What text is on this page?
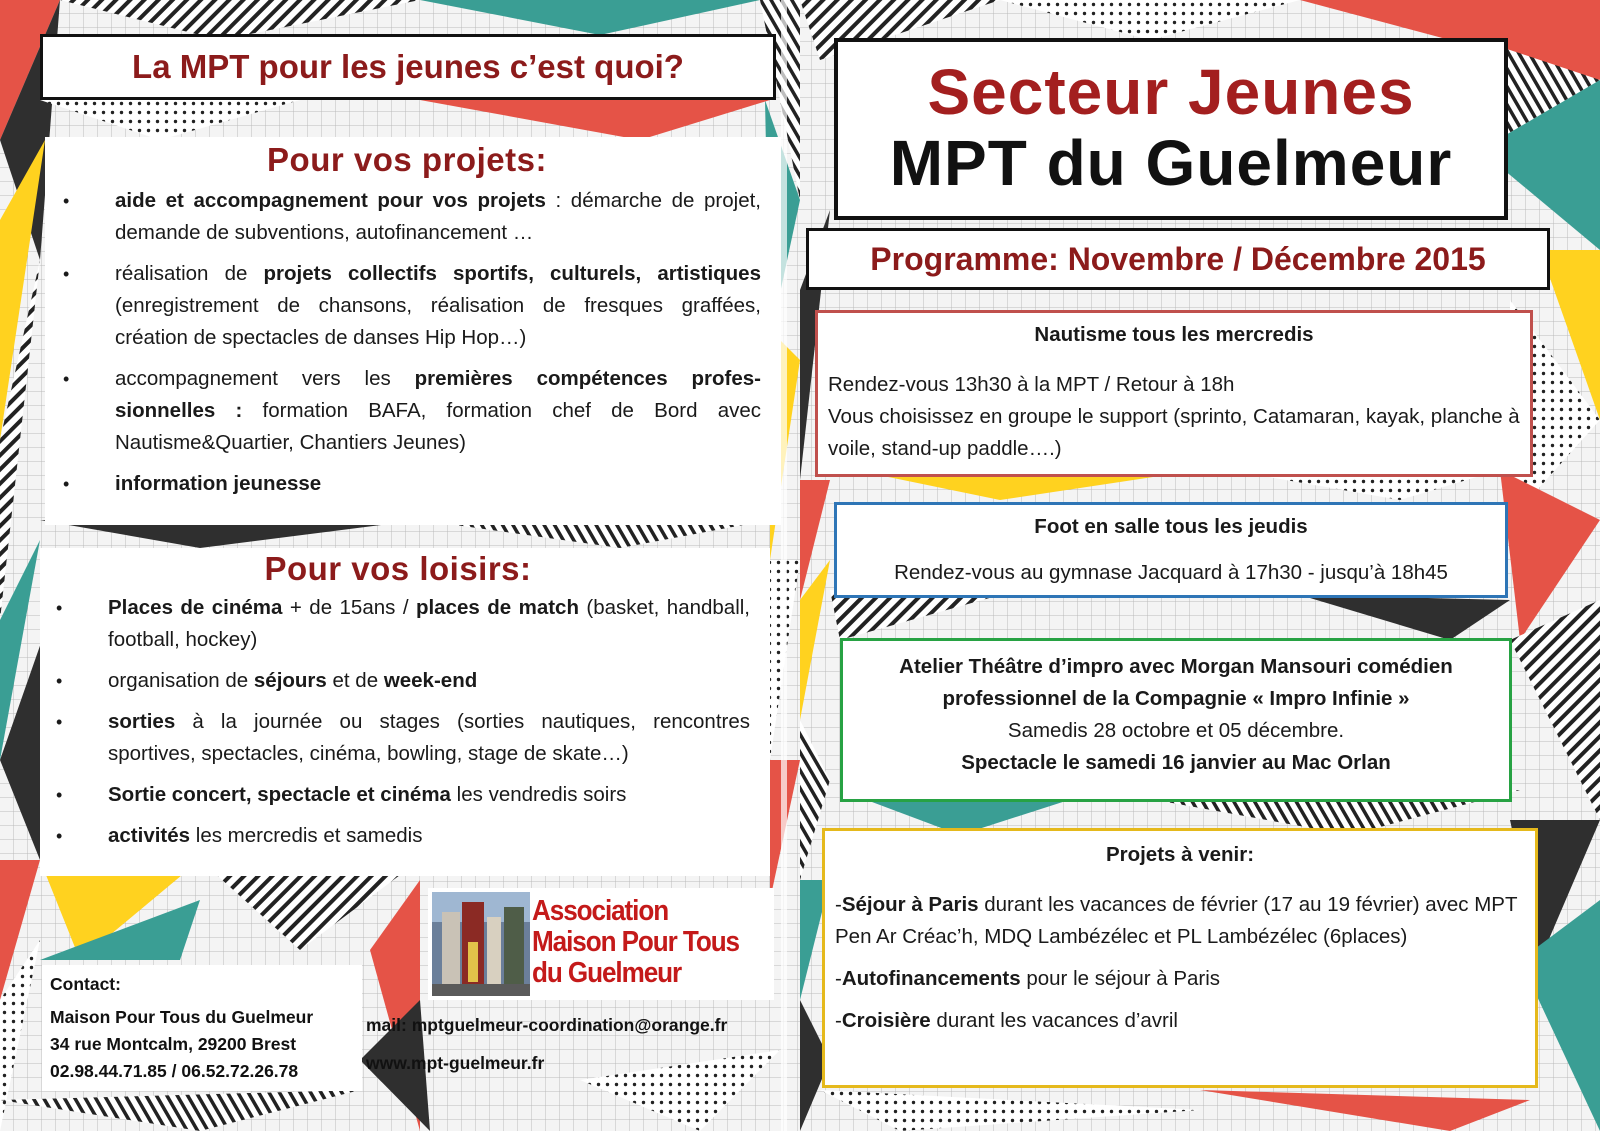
La MPT pour les jeunes c’est quoi?
Pour vos projets:
• aide et accompagnement pour vos projets : démarche de projet, demande de subventions, autofinancement …
• réalisation de projets collectifs sportifs, culturels, artistiques (enregistrement de chansons, réalisation de fresques graffées, création de spectacles de danses Hip Hop…)
• accompagnement vers les premières compétences profes-sionnelles : formation BAFA, formation chef de Bord avec Nautisme&Quartier, Chantiers Jeunes)
• information jeunesse
Pour vos loisirs:
• Places de cinéma + de 15ans / places de match (basket, handball, football, hockey)
• organisation de séjours et de week-end
• sorties à la journée ou stages (sorties nautiques, rencontres sportives, spectacles, cinéma, bowling, stage de skate…)
• Sortie concert, spectacle et cinéma les vendredis soirs
• activités les mercredis et samedis
Association
Maison Pour Tous
du Guelmeur
Contact:
Maison Pour Tous du Guelmeur
34 rue Montcalm, 29200 Brest
02.98.44.71.85 / 06.52.72.26.78
mail: mptguelmeur-coordination@orange.fr
www.mpt-guelmeur.fr
Secteur Jeunes
MPT du Guelmeur
Programme: Novembre / Décembre 2015
Nautisme tous les mercredis
Rendez-vous 13h30 à la MPT / Retour à 18h
Vous choisissez en groupe le support (sprinto, Catamaran, kayak, planche à voile, stand-up paddle….)
Foot en salle tous les jeudis
Rendez-vous au gymnase Jacquard à 17h30 - jusqu’à 18h45
Atelier Théâtre d’impro avec Morgan Mansouri comédien professionnel de la Compagnie « Impro Infinie »
Samedis 28 octobre et 05 décembre.
Spectacle le samedi 16 janvier au Mac Orlan
Projets à venir:
-Séjour à Paris durant les vacances de février (17 au 19 février) avec MPT Pen Ar Créac’h, MDQ Lambézélec et PL Lambézélec (6places)
-Autofinancements pour le séjour à Paris
-Croisière durant les vacances d’avril
